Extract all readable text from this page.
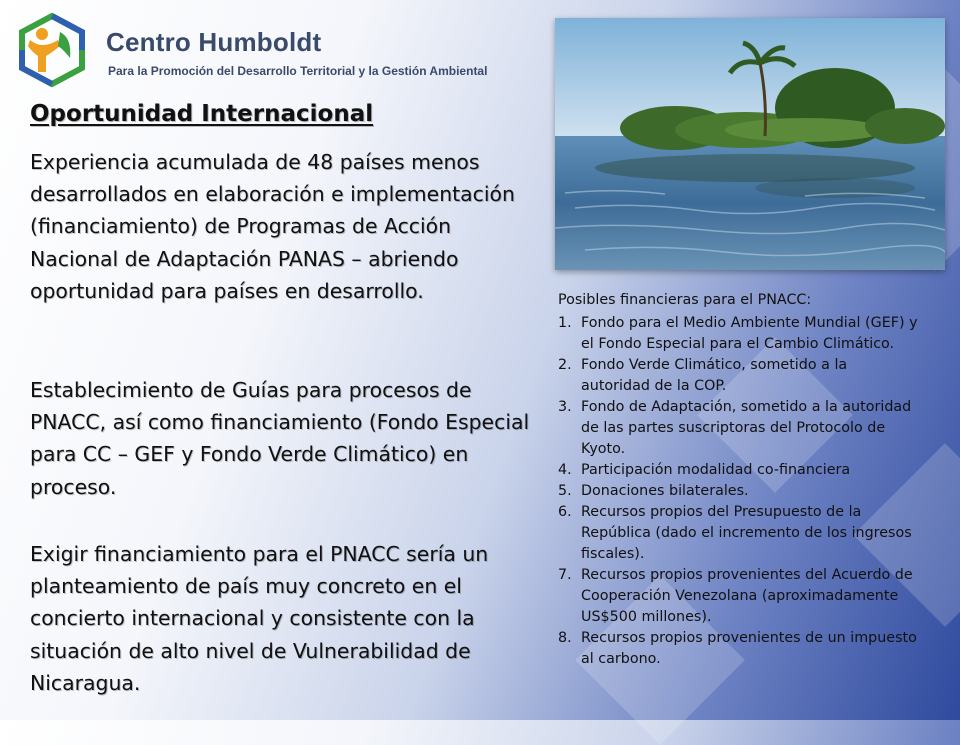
Centro Humboldt
Para la Promoción del Desarrollo Territorial y la Gestión Ambiental
Oportunidad Internacional
Experiencia acumulada de 48 países menos desarrollados en elaboración e implementación (financiamiento) de Programas de Acción Nacional de Adaptación PANAS – abriendo oportunidad para países en desarrollo.
Establecimiento de Guías para procesos de PNACC, así como financiamiento (Fondo Especial para CC – GEF y Fondo Verde Climático) en proceso.
Exigir financiamiento para el PNACC sería un planteamiento de país muy concreto en el concierto internacional y consistente con la situación de alto nivel de Vulnerabilidad de Nicaragua.
Posibles financieras para el PNACC:
1. Fondo para el Medio Ambiente Mundial (GEF) y el Fondo Especial para el Cambio Climático.
2. Fondo Verde Climático, sometido a la autoridad de la COP.
3. Fondo de Adaptación, sometido a la autoridad de las partes suscriptoras del Protocolo de Kyoto.
4. Participación modalidad co-financiera
5. Donaciones bilaterales.
6. Recursos propios del Presupuesto de la República (dado el incremento de los ingresos fiscales).
7. Recursos propios provenientes del Acuerdo de Cooperación Venezolana (aproximadamente US$500 millones).
8. Recursos propios provenientes de un impuesto al carbono.
